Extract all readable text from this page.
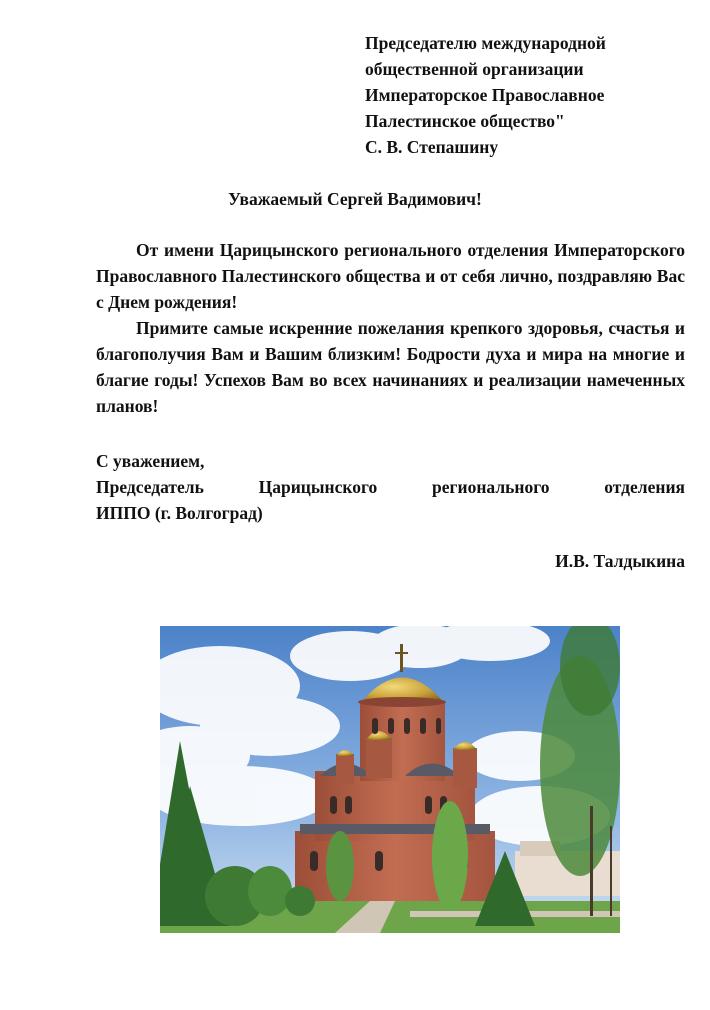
Председателю международной
общественной организации
Императорское Православное
Палестинское общество"
С. В. Степашину
Уважаемый Сергей Вадимович!

От имени Царицынского регионального отделения Императорского Православного Палестинского общества и от себя лично, поздравляю Вас с Днем рождения!

Примите самые искренние пожелания крепкого здоровья, счастья и благополучия Вам и Вашим близким! Бодрости духа и мира на многие и благие годы! Успехов Вам во всех начинаниях и реализации намеченных планов!

С уважением,
Председатель Царицынского регионального отделения
ИППО (г. Волгоград)
И.В. Талдыкина
